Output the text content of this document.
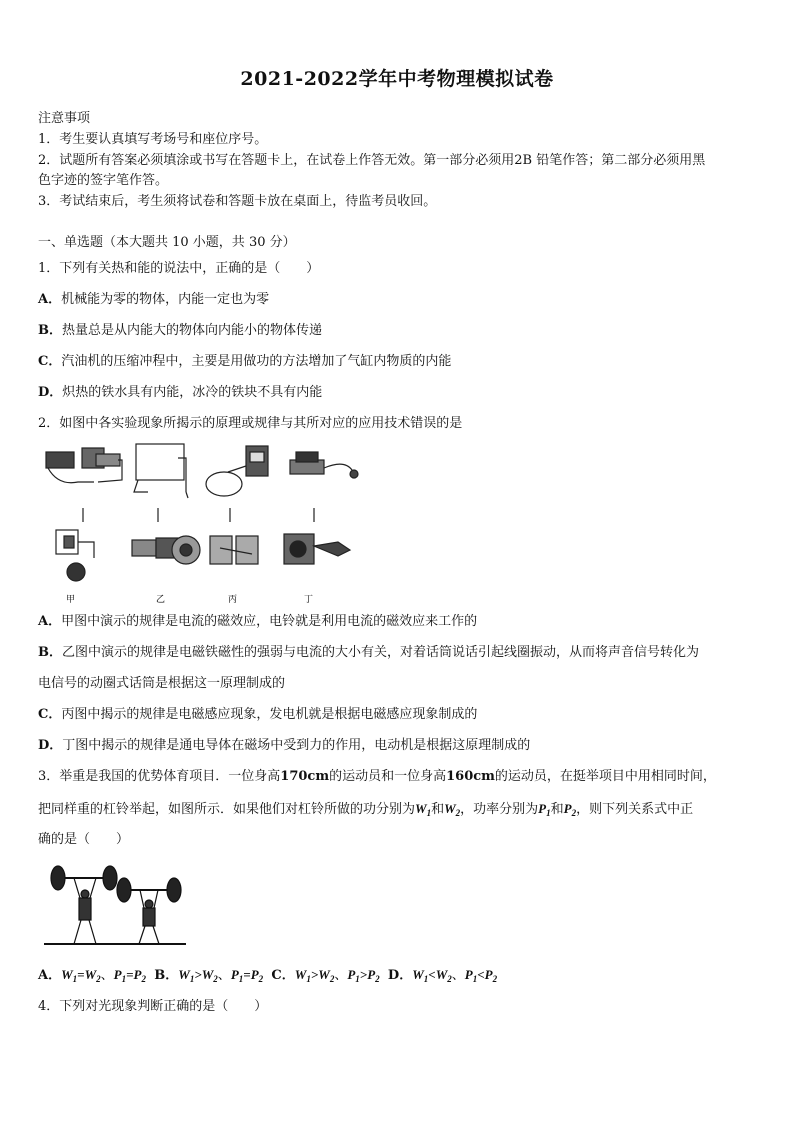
2021-2022学年中考物理模拟试卷
注意事项
1．考生要认真填写考场号和座位序号。
2．试题所有答案必须填涂或书写在答题卡上，在试卷上作答无效。第一部分必须用2B 铅笔作答；第二部分必须用黑
色字迹的签字笔作答。
3．考试结束后，考生须将试卷和答题卡放在桌面上，待监考员收回。
一、单选题（本大题共 10 小题，共 30 分）
1．下列有关热和能的说法中，正确的是（　　）
A．机械能为零的物体，内能一定也为零
B．热量总是从内能大的物体向内能小的物体传递
C．汽油机的压缩冲程中，主要是用做功的方法增加了气缸内物质的内能
D．炽热的铁水具有内能，冰冷的铁块不具有内能
2．如图中各实验现象所揭示的原理或规律与其所对应的应用技术错误的是
甲	乙	丙	丁
A．甲图中演示的规律是电流的磁效应，电铃就是利用电流的磁效应来工作的
B．乙图中演示的规律是电磁铁磁性的强弱与电流的大小有关，对着话筒说话引起线圈振动，从而将声音信号转化为
电信号的动圈式话筒是根据这一原理制成的
C．丙图中揭示的规律是电磁感应现象，发电机就是根据电磁感应现象制成的
D．丁图中揭示的规律是通电导体在磁场中受到力的作用，电动机是根据这原理制成的
3．举重是我国的优势体育项目．一位身高170cm的运动员和一位身高160cm的运动员，在挺举项目中用相同时间，
把同样重的杠铃举起，如图所示．如果他们对杠铃所做的功分别为$W_1$和$W_2$，功率分别为$P_1$和$P_2$，则下列关系式中正
确的是（　　）
A．$W_1=W_2$、$P_1=P_2$ B．$W_1>W_2$、$P_1=P_2$ C．$W_1>W_2$、$P_1>P_2$ D．$W_1<W_2$、$P_1<P_2$
4．下列对光现象判断正确的是（　　）
